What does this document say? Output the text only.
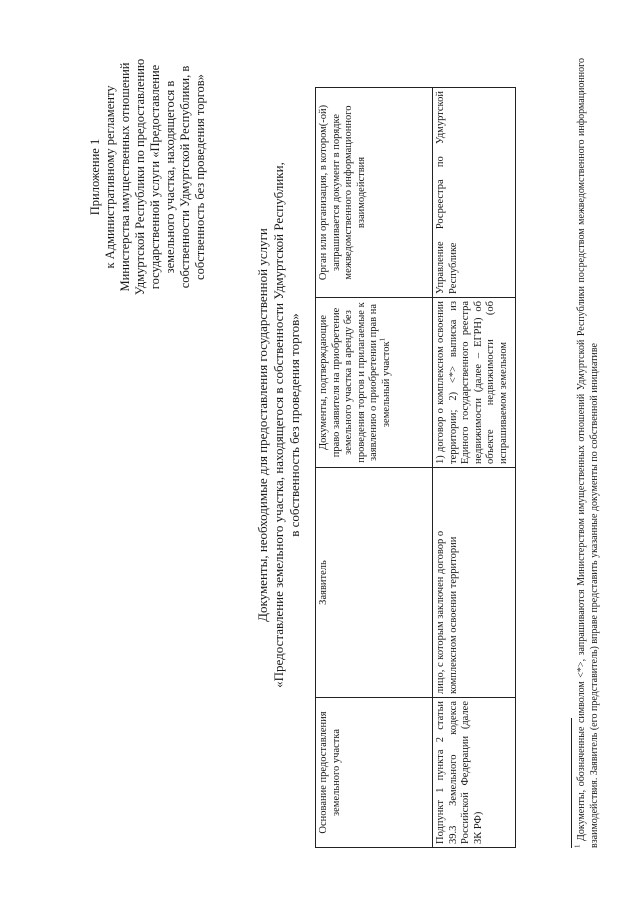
Приложение 1 к Административному регламенту Министерства имущественных отношений Удмуртской Республики по предоставлению государственной услуги «Предоставление земельного участка, находящегося в собственности Удмуртской Республики, в собственность без проведения торгов»
Документы, необходимые для предоставления государственной услуги «Предоставление земельного участка, находящегося в собственности Удмуртской Республики, в собственность без проведения торгов»
Основание предоставления земельного участка	Заявитель	Документы, подтверждающие право заявителя на приобретение земельного участка в аренду без проведения торгов и прилагаемые к заявлению о приобретении прав на земельный участок$^1$	Орган или организация, в котором(-ой) запрашивается документ в порядке межведомственного информационного взаимодействия
Подпункт 1 пункта 2 статьи 39.3 Земельного кодекса Российской Федерации (далее ЗК РФ)	лицо, с которым заключен договор о комплексном освоении территории	1) договор о комплексном освоении территории; 2) <*> выписка из Единого государственного реестра недвижимости (далее – ЕГРН) об объекте недвижимости (об испрашиваемом земельном	Управление Росреестра по Удмуртской Республике
$^1$ Документы, обозначенные символом <*>, запрашиваются Министерством имущественных отношений Удмуртской Республики посредством межведомственного информационного взаимодействия. Заявитель (его представитель) вправе представить указанные документы по собственной инициативе
